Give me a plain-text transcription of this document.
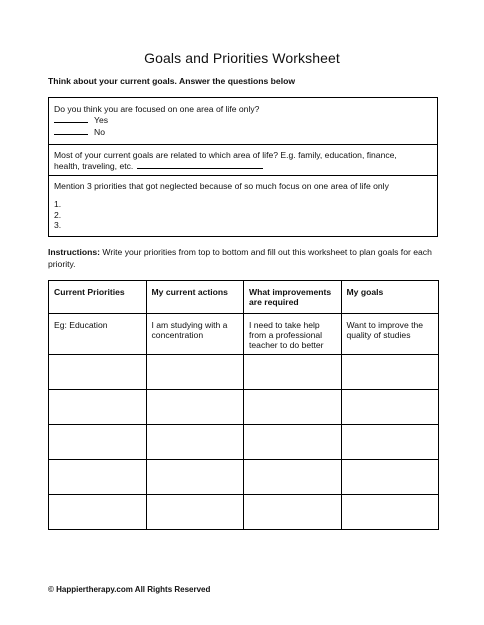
Goals and Priorities Worksheet
Think about your current goals. Answer the questions below
Do you think you are focused on one area of life only?
Yes
No
Most of your current goals are related to which area of life? E.g. family, education, finance,
health, traveling, etc.
Mention 3 priorities that got neglected because of so much focus on one area of life only
1.
2.
3.
Instructions: Write your priorities from top to bottom and fill out this worksheet to plan goals for each priority.
Current Priorities	My current actions	What improvements are required	My goals
Eg: Education	I am studying with a concentration	I need to take help from a professional teacher to do better	Want to improve the quality of studies

© Happiertherapy.com All Rights Reserved
